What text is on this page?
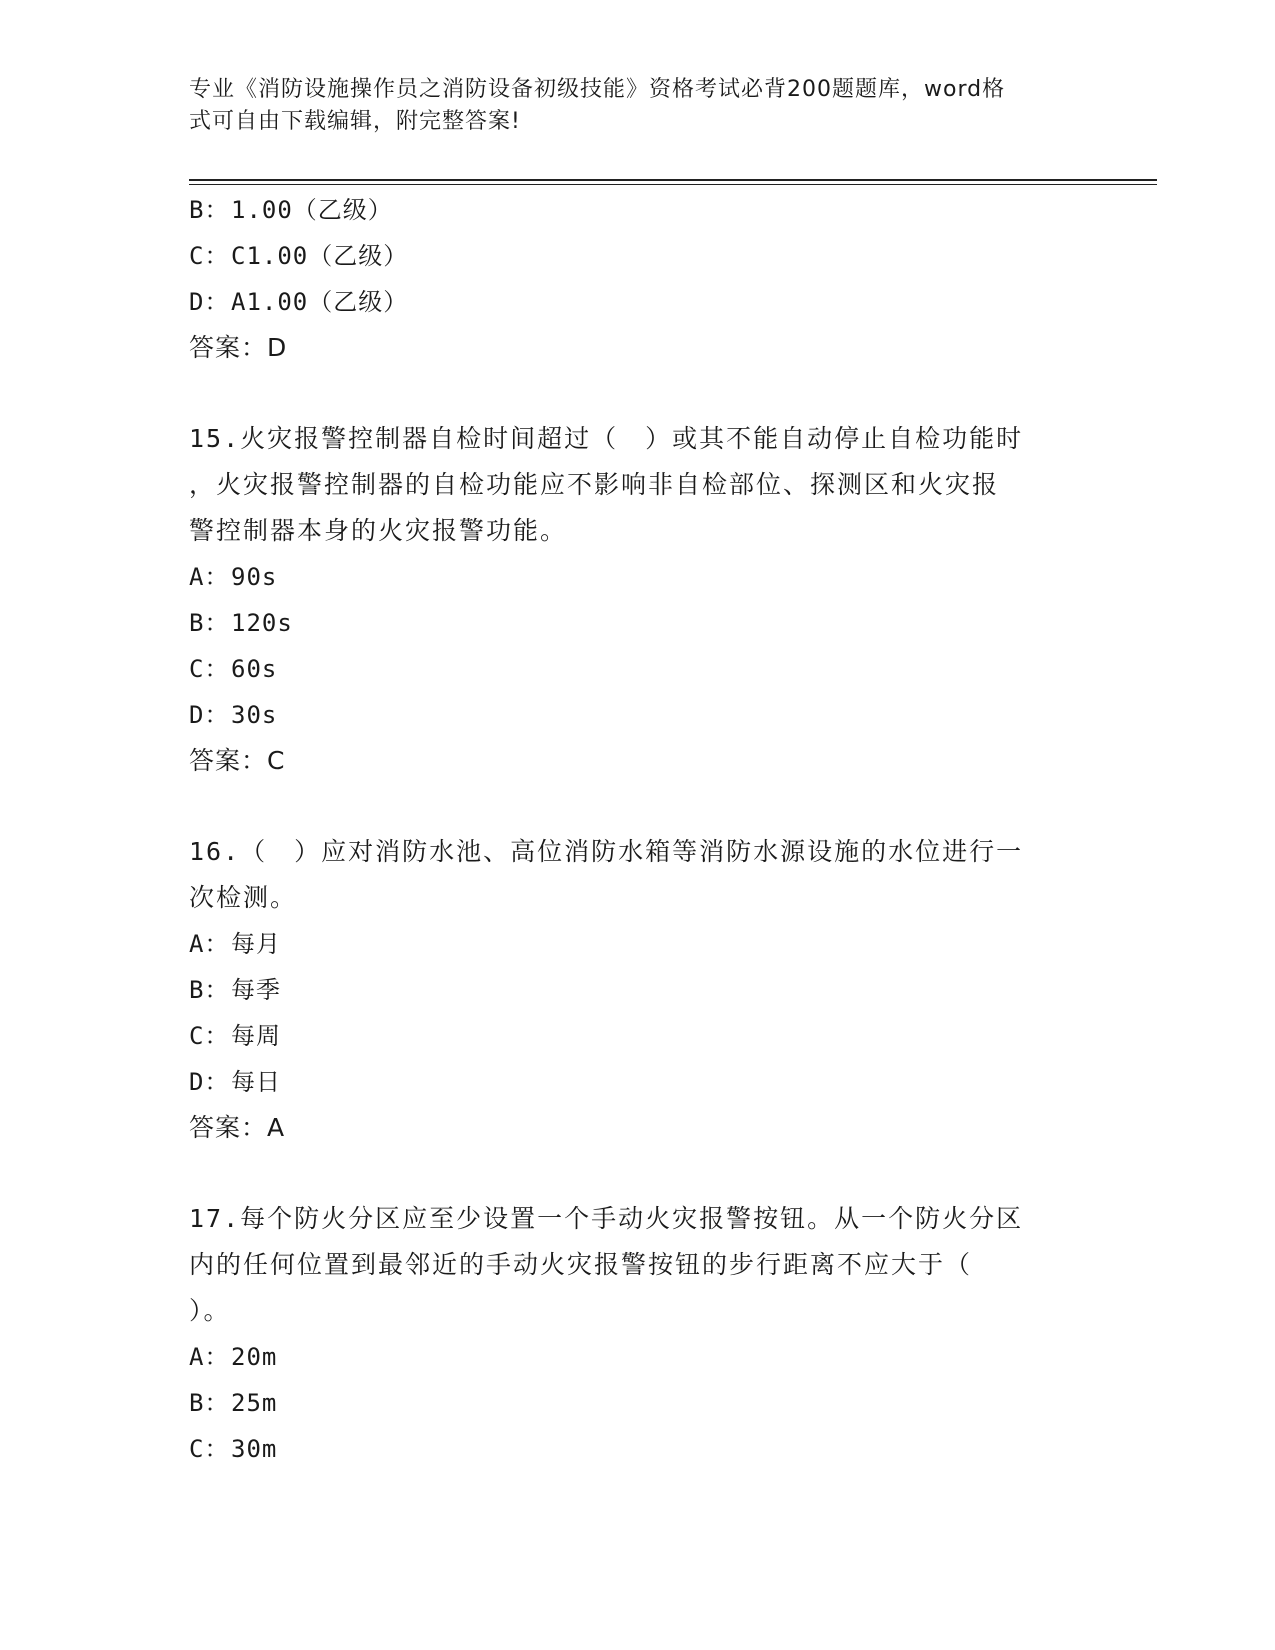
专业《消防设施操作员之消防设备初级技能》资格考试必背200题题库，word格
式可自由下载编辑，附完整答案!
B：1.00（乙级）
C：C1.00（乙级）
D：A1.00（乙级）
答案：D
15.火灾报警控制器自检时间超过（　）或其不能自动停止自检功能时
，火灾报警控制器的自检功能应不影响非自检部位、探测区和火灾报
警控制器本身的火灾报警功能。
A：90s
B：120s
C：60s
D：30s
答案：C
16.（　）应对消防水池、高位消防水箱等消防水源设施的水位进行一
次检测。
A：每月
B：每季
C：每周
D：每日
答案：A
17.每个防火分区应至少设置一个手动火灾报警按钮。从一个防火分区
内的任何位置到最邻近的手动火灾报警按钮的步行距离不应大于（
）。
A：20m
B：25m
C：30m
